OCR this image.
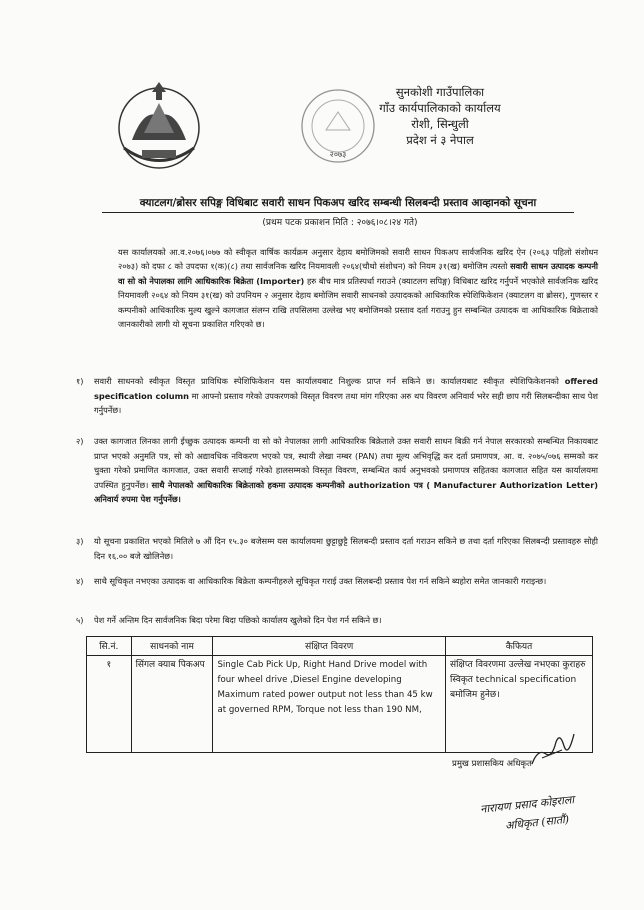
२०७३
सुनकोशी गाउँपालिका
गाँउ कार्यपालिकाको कार्यालय
रोशी, सिन्धुली
प्रदेश नं ३ नेपाल
क्याटलग/ब्रोसर सपिङ्ग विधिबाट सवारी साधन पिकअप खरिद सम्बन्धी सिलबन्दी प्रस्ताव आव्हानको सूचना
(प्रथम पटक प्रकाशन मिति : २०७६।०८।२४ गते)
यस कार्यालयको आ.व.२०७६।०७७ को स्वीकृत वार्षिक कार्यक्रम अनुसार देहाय बमोजिमको सवारी साधन पिकअप सार्वजनिक खरिद ऐन (२०६३ पहिलो संशोधन २०७३) को दफा ८ को उपदफा १(क)(८) तथा सार्वजनिक खरिद नियमावली २०६४(चौथो संशोधन) को नियम ३१(ख) बमोजिम त्यस्तो सवारी साधन उत्पादक कम्पनी वा सो को नेपालका लागि आधिकारिक बिक्रेता (Importer) हरु बीच मात्र प्रतिस्पर्धा गराउने (क्याटलग सपिङ्ग) विधिबाट खरिद गर्नुपर्ने भएकोले सार्वजनिक खरिद नियमावली २०६४ को नियम ३१(ख) को उपनियम २ अनुसार देहाय बमोजिम सवारी साधनको उत्पादकको आधिकारिक स्पेशिफिकेशन (क्याटलग वा ब्रोसर), गुणस्तर र कम्पनीको आधिकारिक मुल्य खुल्ने कागजात संलग्न राखि तपसिलमा उल्लेख भए बमोजिमको प्रस्ताव दर्ता गराउनु हुन सम्बन्धित उत्पादक वा आधिकारिक बिक्रेताको जानकारीको लागी यो सूचना प्रकाशित गरिएको छ।
१) सवारी साधनको स्वीकृत विस्तृत प्राविधिक स्पेशिफिकेशन यस कार्यालयबाट निशुल्क प्राप्त गर्न सकिने छ। कार्यालयबाट स्वीकृत स्पेशिफिकेशनको offered specification column मा आफ्नो प्रस्ताव गरेको उपकरणको विस्तृत विवरण तथा मांग गरिएका अरु थप विवरण अनिवार्य भरेर सही छाप गरी सिलबन्दीका साथ पेश गर्नुपर्नेछ।
२) उक्त कागजात लिनका लागी ईच्छुक उत्पादक कम्पनी वा सो को नेपालका लागी आधिकारिक बिक्रेताले उक्त सवारी साधन बिक्री गर्न नेपाल सरकारको सम्बन्धित निकायबाट प्राप्त भएको अनुमति पत्र, सो को अद्यावधिक नविकरण भएको पत्र, स्थायी लेखा नम्बर (PAN) तथा मूल्य अभिवृद्धि कर दर्ता प्रमाणपत्र, आ. व. २०७५/०७६ सम्मको कर चुक्ता गरेको प्रमाणित कागजात, उक्त सवारी सप्लाई गरेको हालसम्मको विस्तृत विवरण, सम्बन्धित कार्य अनुभवको प्रमाणपत्र सहितका कागजात सहित यस कार्यालयमा उपस्थित हुनुपर्नेछ। साथै नेपालको आधिकारिक बिक्रेताको हकमा उत्पादक कम्पनीको authorization पत्र ( Manufacturer Authorization Letter) अनिवार्य रुपमा पेश गर्नुपर्नेछ।
३) यो सूचना प्रकाशित भएको मितिले ७ औं दिन १५.३० बजेसम्म यस कार्यालयमा छुट्टाछुट्टै सिलबन्दी प्रस्ताव दर्ता गराउन सकिने छ तथा दर्ता गरिएका सिलबन्दी प्रस्तावहरु सोही दिन १६.०० बजे खोलिनेछ।
४) साथै सूचिकृत नभएका उत्पादक वा आधिकारिक बिक्रेता कम्पनीहरुले सूचिकृत गराई उक्त सिलबन्दी प्रस्ताव पेश गर्न सकिने ब्यहोरा समेत जानकारी गराइन्छ।
५) पेश गर्ने अन्तिम दिन सार्वजनिक बिदा परेमा बिदा पछिको कार्यालय खुलेको दिन पेश गर्न सकिने छ।
सि.नं.	साधनको नाम	संक्षिप्त विवरण	कैफियत
१	सिंगल क्याब पिकअप	Single Cab Pick Up, Right Hand Drive model with four wheel drive ,Diesel Engine developing Maximum rated power output not less than 45 kw at governed RPM, Torque not less than 190 NM,	संक्षिप्त विवरणमा उल्लेख नभएका कुराहरु स्विकृत technical specification बमोजिम हुनेछ।
प्रमुख प्रशासकिय अधिकृत
नारायण प्रसाद कोइराला
अधिकृत (सातौं)
